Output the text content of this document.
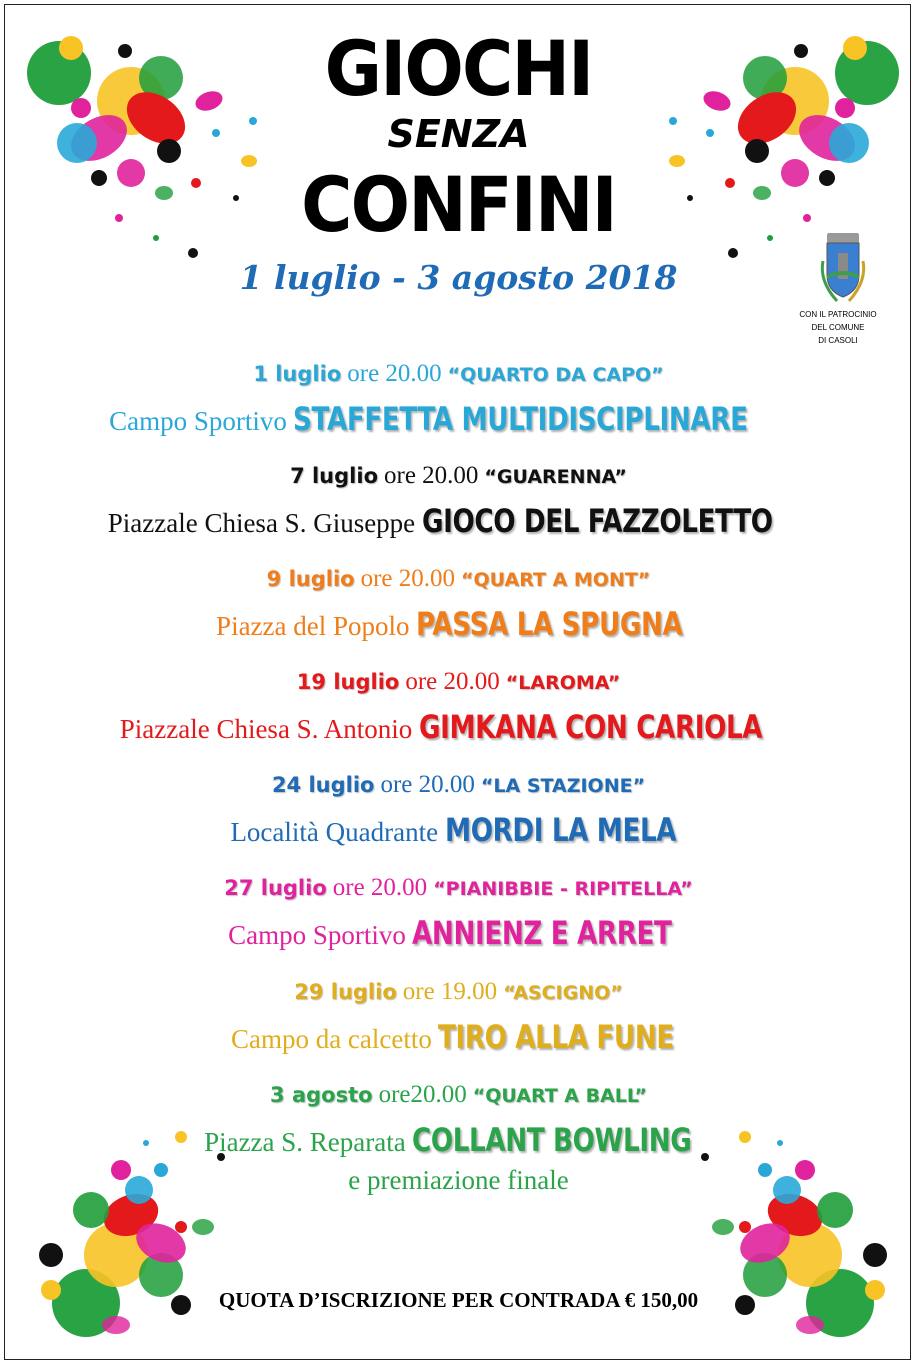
GIOCHI
SENZA
CONFINI
1 luglio - 3 agosto 2018
CON IL PATROCINIO
DEL COMUNE
DI CASOLI
1 luglio ore 20.00 “QUARTO DA CAPO”
Campo Sportivo STAFFETTA MULTIDISCIPLINARE
7 luglio ore 20.00 “GUARENNA”
Piazzale Chiesa S. Giuseppe GIOCO DEL FAZZOLETTO
9 luglio ore 20.00 “QUART A MONT”
Piazza del Popolo PASSA LA SPUGNA
19 luglio ore 20.00 “LAROMA”
Piazzale Chiesa S. Antonio GIMKANA CON CARIOLA
24 luglio ore 20.00 “LA STAZIONE”
Località Quadrante MORDI LA MELA
27 luglio ore 20.00 “PIANIBBIE - RIPITELLA”
Campo Sportivo ANNIENZ E ARRET
29 luglio ore 19.00 “ASCIGNO”
Campo da calcetto TIRO ALLA FUNE
3 agosto ore20.00 “QUART A BALL”
Piazza S. Reparata COLLANT BOWLING
e premiazione finale
QUOTA D’ISCRIZIONE PER CONTRADA € 150,00
